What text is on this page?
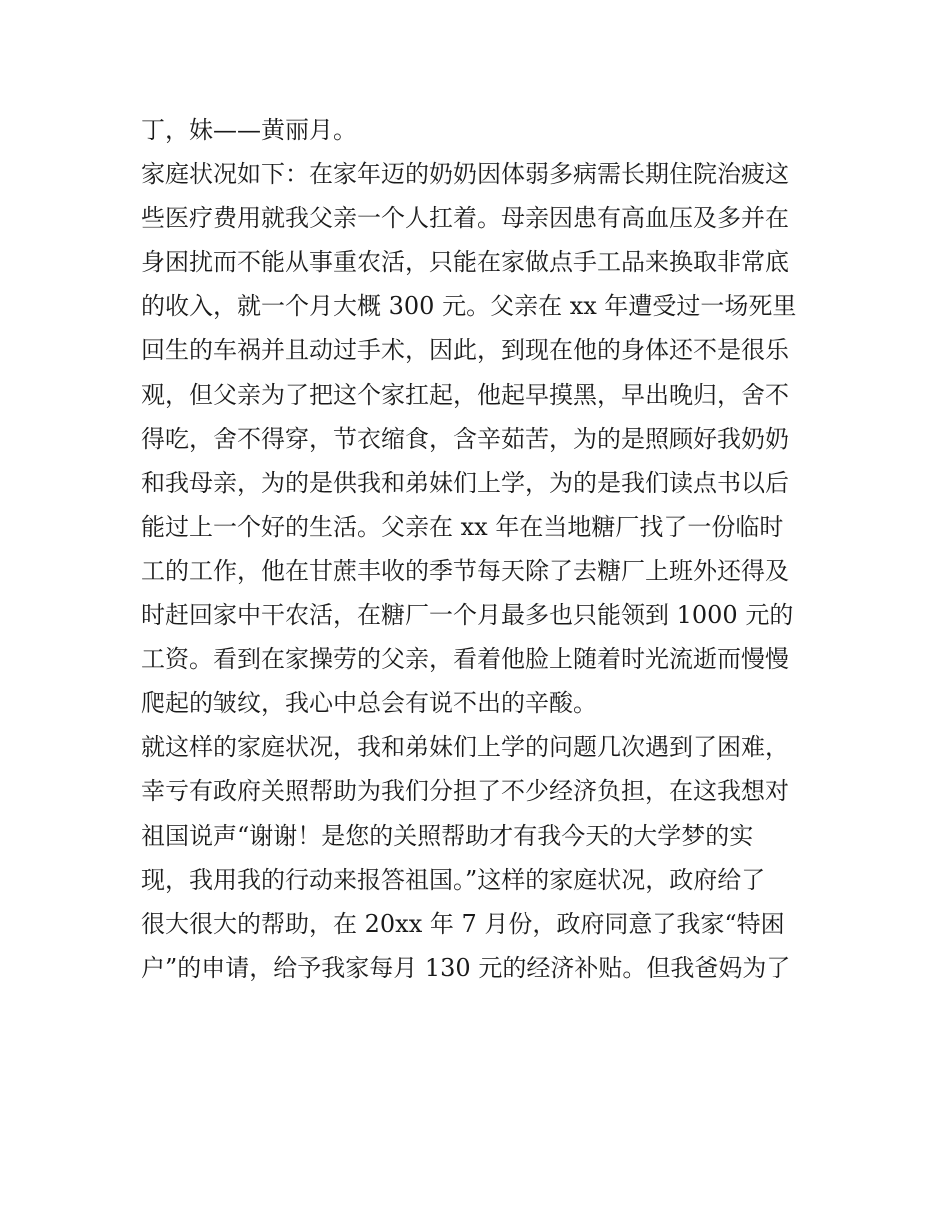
丁，妹——黄丽月。
家庭状况如下：在家年迈的奶奶因体弱多病需长期住院治疲这
些医疗费用就我父亲一个人扛着。母亲因患有高血压及多并在
身困扰而不能从事重农活，只能在家做点手工品来换取非常底
的收入，就一个月大概 300 元。父亲在 xx 年遭受过一场死里
回生的车祸并且动过手术，因此，到现在他的身体还不是很乐
观，但父亲为了把这个家扛起，他起早摸黑，早出晚归，舍不
得吃，舍不得穿，节衣缩食，含辛茹苦，为的是照顾好我奶奶
和我母亲，为的是供我和弟妹们上学，为的是我们读点书以后
能过上一个好的生活。父亲在 xx 年在当地糖厂找了一份临时
工的工作，他在甘蔗丰收的季节每天除了去糖厂上班外还得及
时赶回家中干农活，在糖厂一个月最多也只能领到 1000 元的
工资。看到在家操劳的父亲，看着他脸上随着时光流逝而慢慢
爬起的皱纹，我心中总会有说不出的辛酸。
就这样的家庭状况，我和弟妹们上学的问题几次遇到了困难，
幸亏有政府关照帮助为我们分担了不少经济负担，在这我想对
祖国说声“谢谢！是您的关照帮助才有我今天的大学梦的实
现，我用我的行动来报答祖国。”这样的家庭状况，政府给了
很大很大的帮助，在 20xx 年 7 月份，政府同意了我家“特困
户”的申请，给予我家每月 130 元的经济补贴。但我爸妈为了
